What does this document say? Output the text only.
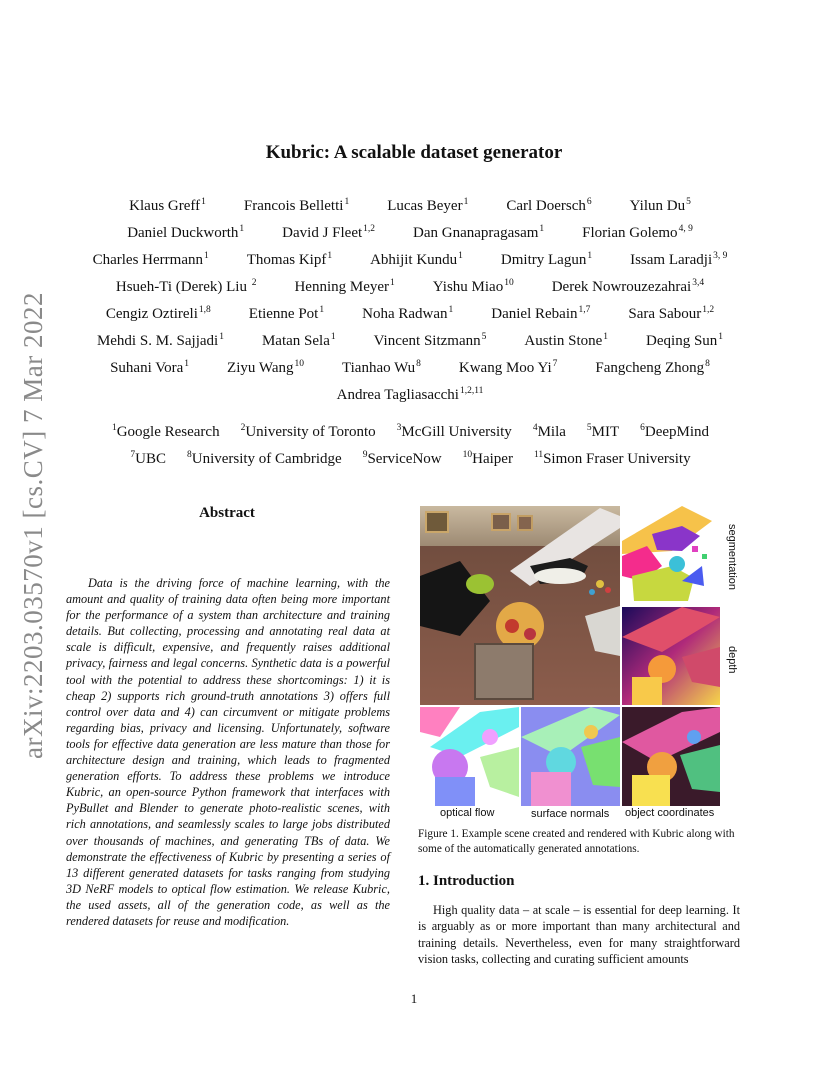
arXiv:2203.03570v1 [cs.CV] 7 Mar 2022
Kubric: A scalable dataset generator
Klaus Greff$^1$	Francois Belletti$^1$	Lucas Beyer$^1$	Carl Doersch$^6$	Yilun Du$^5$
Daniel Duckworth$^1$	David J Fleet$^{1,2}$	Dan Gnanapragasam$^1$	Florian Golemo$^{4, 9}$
Charles Herrmann$^1$	Thomas Kipf$^1$	Abhijit Kundu$^1$	Dmitry Lagun$^1$	Issam Laradji$^{3, 9}$
Hsueh-Ti (Derek) Liu $^2$	Henning Meyer$^1$	Yishu Miao$^{10}$	Derek Nowrouzezahrai$^{3,4}$
Cengiz Oztireli$^{1,8}$	Etienne Pot$^1$	Noha Radwan$^1$	Daniel Rebain$^{1,7}$	Sara Sabour$^{1,2}$
Mehdi S. M. Sajjadi$^1$	Matan Sela$^1$	Vincent Sitzmann$^5$	Austin Stone$^1$	Deqing Sun$^1$
Suhani Vora$^1$	Ziyu Wang$^{10}$	Tianhao Wu$^8$	Kwang Moo Yi$^7$	Fangcheng Zhong$^8$
Andrea Tagliasacchi$^{1,2,11}$
$^1$Google Research $^2$University of Toronto $^3$McGill University $^4$Mila $^5$MIT $^6$DeepMind
$^7$UBC $^8$University of Cambridge $^9$ServiceNow $^{10}$Haiper $^{11}$Simon Fraser University
Abstract

Data is the driving force of machine learning, with the amount and quality of training data often being more important for the performance of a system than architecture and training details. But collecting, processing and annotating real data at scale is difficult, expensive, and frequently raises additional privacy, fairness and legal concerns. Synthetic data is a powerful tool with the potential to address these shortcomings: 1) it is cheap 2) supports rich ground-truth annotations 3) offers full control over data and 4) can circumvent or mitigate problems regarding bias, privacy and licensing. Unfortunately, software tools for effective data generation are less mature than those for architecture design and training, which leads to fragmented generation efforts. To address these problems we introduce Kubric, an open-source Python framework that interfaces with PyBullet and Blender to generate photo-realistic scenes, with rich annotations, and seamlessly scales to large jobs distributed over thousands of machines, and generating TBs of data. We demonstrate the effectiveness of Kubric by presenting a series of 13 different generated datasets for tasks ranging from studying 3D NeRF models to optical flow estimation. We release Kubric, the used assets, all of the generation code, as well as the rendered datasets for reuse and modification.

segmentation
depth
optical flow	surface normals object coordinates
Figure 1. Example scene created and rendered with Kubric along with some of the automatically generated annotations.
1. Introduction

High quality data – at scale – is essential for deep learning. It is arguably as or more important than many architectural and training details. Nevertheless, even for many straightforward vision tasks, collecting and curating sufficient amounts

1
